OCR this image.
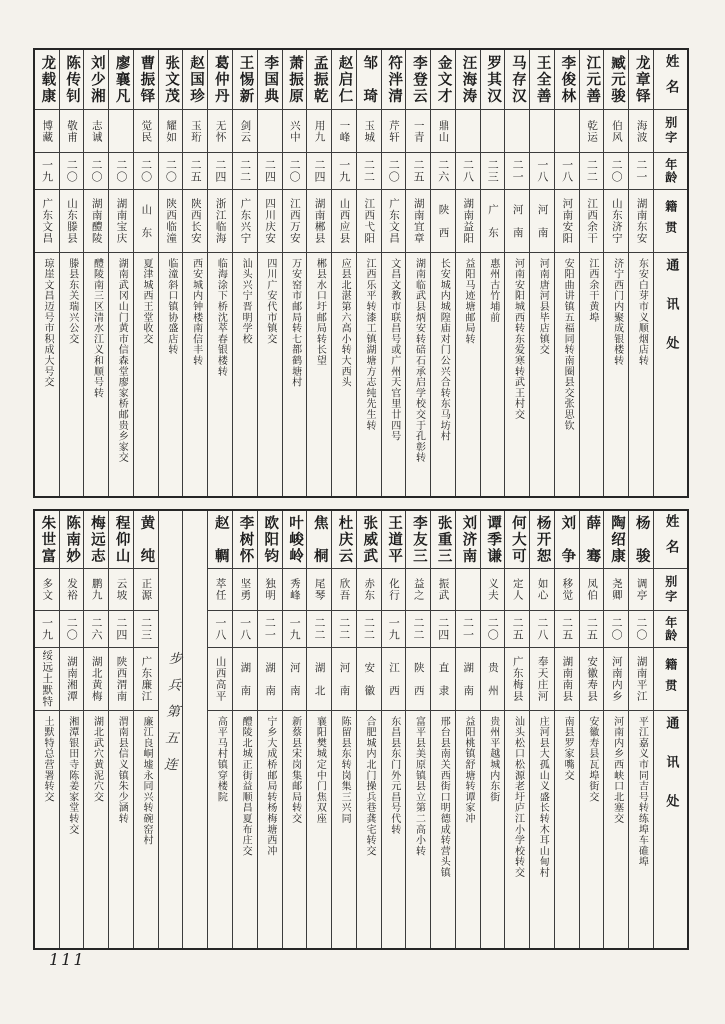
姓名
别字
年龄
籍贯
通讯处
龙章铎
海波
二一
湖南东安
东安白芽市义顺烟店转
臧元骏
伯风
二〇
山东济宁
济宁西门内聚成银楼转
江元善
乾运
二二
江西余干
江西余干黄埠
李俊林
一八
河南安阳
安阳曲讲镇五福同转南圈县交张思钦
王全善
一八
河　南
河南唐河县毕店镇交
马存汉
二一
河　南
河南安阳城西转东爱寒转武王村交
罗其汉
二三
广　东
惠州古竹埔前
汪海涛
二八
湖南益阳
益阳马迹塘邮局转
金文才
鼎山
二六
陕　西
长安城内城隍庙对门公兴合转东马坊村
李登云
一青
二五
湖南宜章
湖南临武县炳安转碚石承启学校交于孔彰转
符泮清
芹轩
二〇
广东文昌
文昌文教市联昌号或广州天官里廿四号
邹　琦
玉城
二二
江西弋阳
江西乐平转漆工镇湖塘方志纯先生转
赵启仁
一峰
一九
山西应县
应县北湛第六高小转大西头
孟振乾
用九
二四
湖南郴县
郴县水口圩邮局转长望
萧振原
兴中
二〇
江西万安
万安窑市邮局转七都鹤塘村
李国典
二四
四川庆安
四川广安代市镇交
王惕新
剑云
二二
广东兴宁
汕头兴宁晋明学校
葛仲丹
无怀
二四
浙江临海
临海涂下桥沈萃春银楼转
赵国珍
玉珩
二五
陕西长安
西安城内钟楼南信丰转
张文茂
耀如
二〇
陕西临潼
临潼斜口镇协盛店转
曹振铎
觉民
二〇
山　东
夏津城西王堂收交
廖襄凡
二〇
湖南宝庆
湖南武冈山门黄市信森堂廖家桥邮贵乡家交
刘少湘
志诚
二〇
湖南醴陵
醴陵南三区清水江义和顺号转
陈传钊
敬甫
二〇
山东滕县
滕县东关瑞兴公交
龙载康
博藏
一九
广东文昌
琼崖文昌迈号市积成大号交
姓名
别字
年龄
籍贯
通讯处
杨　骏
调亭
二〇
湖南平江
平江嘉义市同吉号转练埠车碓埠
陶绍康
尧卿
二〇
河南内乡
河南内乡西峡口北塞交
薛　骞
凤伯
二五
安徽寿县
安徽寿县瓦埠街交
刘　争
移觉
二五
湖南南县
南县罗家嘴交
杨开恕
如心
二八
奉天庄河
庄河县大孤山义盛长转木耳山甸村
何大可
定人
二五
广东梅县
汕头松口松源老圩庐江小学校转交
谭季谦
义夫
二〇
贵　州
贵州平越城内东街
刘济南
二一
湖　南
益阳桃镇舒塘转谭家冲
张重三
振武
二四
直　隶
邢台县南关西街口明德成转营头镇
李友三
益之
二二
陕　西
富平县美原镇县立第二高小转
王道平
化行
一九
江　西
东昌县东门外元昌号代转
张威武
赤东
二二
安　徽
合肥城内北门操兵巷龚宅转交
杜庆云
欣吾
二二
河　南
陈留县东转岗集三兴同
焦　桐
尾琴
二二
湖　北
襄阳樊城定中门焦双座
叶峻岭
秀峰
一九
河　南
新蔡县宋岗集邮局转交
欧阳钧
独明
二一
湖　南
宁乡大成桥邮局转杨梅塘西冲
李树怀
坚勇
一八
湖　南
醴陵北城正街益顺昌夏布庄交
赵　輖
萃任
一八
山西高平
高平马村镇穿楼院
步兵第五连
黄　纯
正源
二三
广东廉江
廉江良峒墟永同兴转碗窑村
程仰山
云坡
二四
陕西渭南
渭南县信义镇朱少涵转
梅远志
鹏九
二六
湖北黄梅
湖北武穴黄泥穴交
陈南妙
发裕
二〇
湖南湘潭
湘潭银田寺陈姜家堂转交
朱世富
多文
一九
绥远土默特
土默特总营署转交
111
